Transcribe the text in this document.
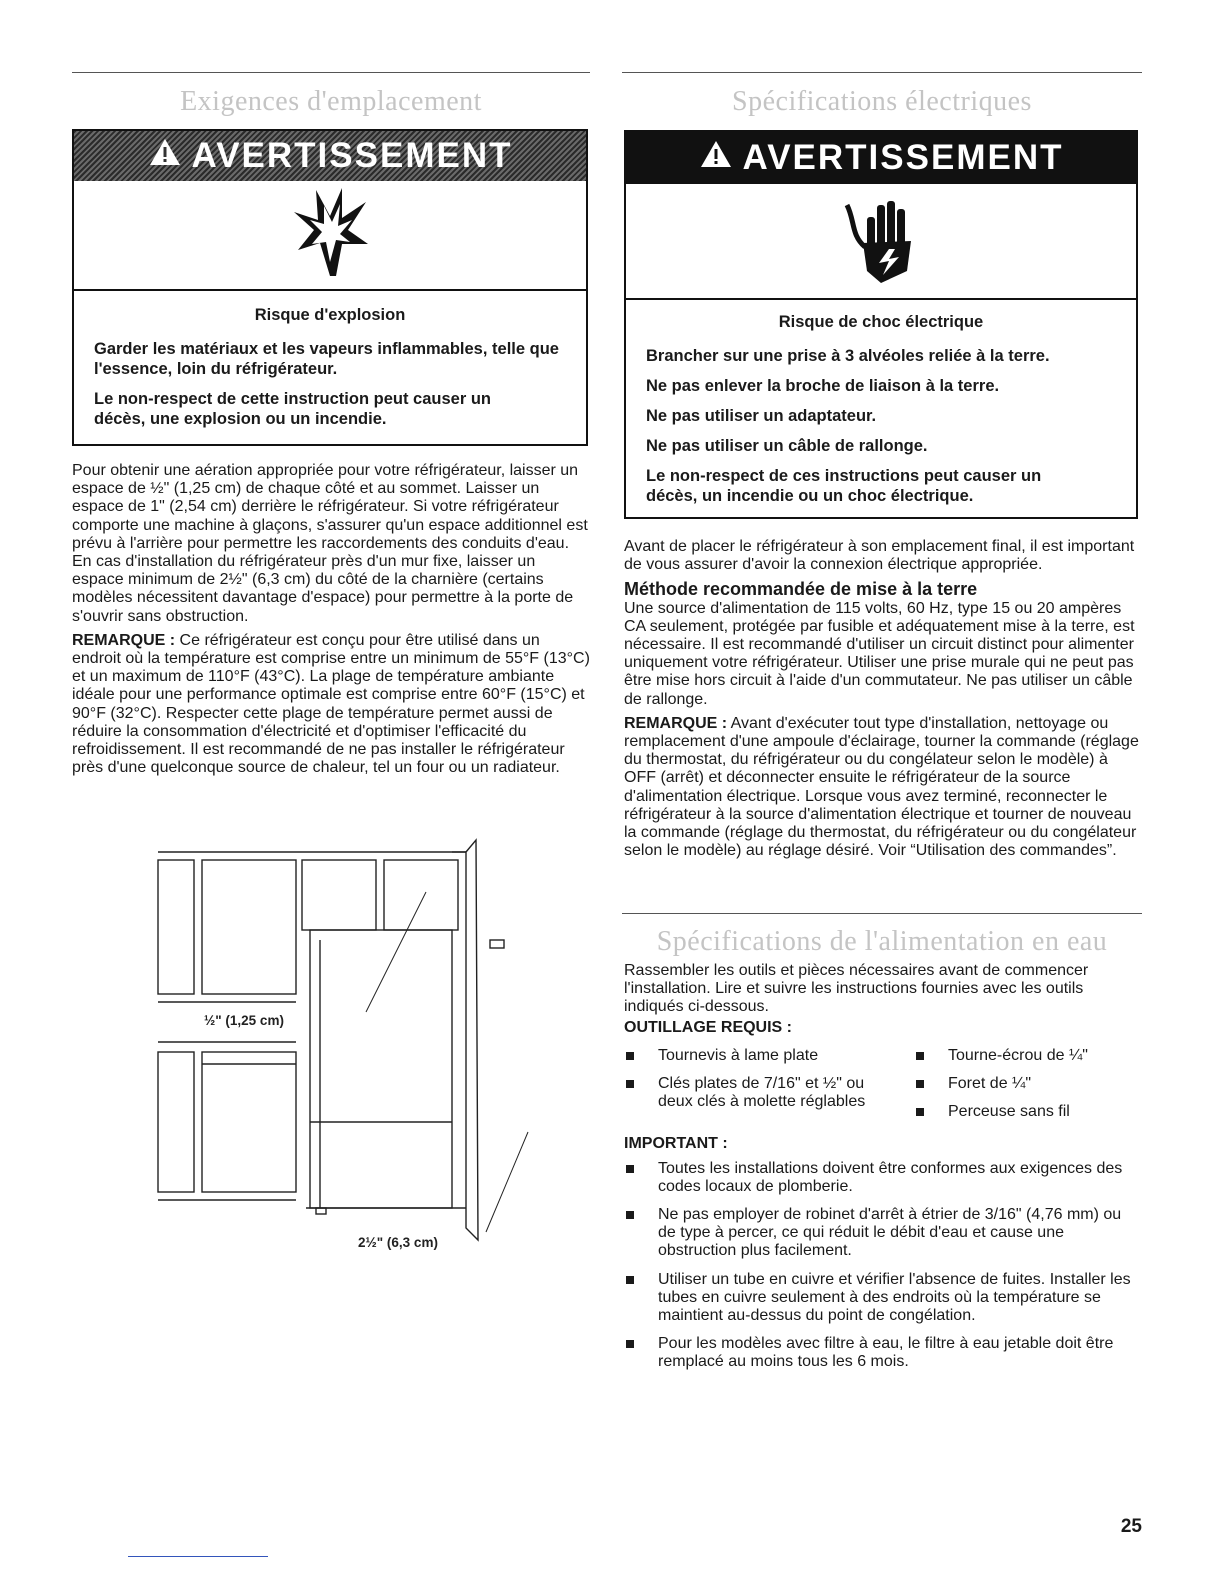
Exigences d'emplacement
AVERTISSEMENT

Risque d'explosion

Garder les matériaux et les vapeurs inflammables, telle que l'essence, loin du réfrigérateur.

Le non-respect de cette instruction peut causer un décès, une explosion ou un incendie.

Pour obtenir une aération appropriée pour votre réfrigérateur, laisser un espace de ½" (1,25 cm) de chaque côté et au sommet. Laisser un espace de 1" (2,54 cm) derrière le réfrigérateur. Si votre réfrigérateur comporte une machine à glaçons, s'assurer qu'un espace additionnel est prévu à l'arrière pour permettre les raccordements des conduits d'eau. En cas d'installation du réfrigérateur près d'un mur fixe, laisser un espace minimum de 2½" (6,3 cm) du côté de la charnière (certains modèles nécessitent davantage d'espace) pour permettre à la porte de s'ouvrir sans obstruction.

REMARQUE : Ce réfrigérateur est conçu pour être utilisé dans un endroit où la température est comprise entre un minimum de 55°F (13°C) et un maximum de 110°F (43°C). La plage de température ambiante idéale pour une performance optimale est comprise entre 60°F (15°C) et 90°F (32°C). Respecter cette plage de température permet aussi de réduire la consommation d'électricité et d'optimiser l'efficacité du refroidissement. Il est recommandé de ne pas installer le réfrigérateur près d'une quelconque source de chaleur, tel un four ou un radiateur.

½" (1,25 cm)
2½" (6,3 cm)
Spécifications électriques
AVERTISSEMENT

Risque de choc électrique

Brancher sur une prise à 3 alvéoles reliée à la terre.

Ne pas enlever la broche de liaison à la terre.

Ne pas utiliser un adaptateur.

Ne pas utiliser un câble de rallonge.

Le non-respect de ces instructions peut causer un décès, un incendie ou un choc électrique.

Avant de placer le réfrigérateur à son emplacement final, il est important de vous assurer d'avoir la connexion électrique appropriée.

Méthode recommandée de mise à la terre

Une source d'alimentation de 115 volts, 60 Hz, type 15 ou 20 ampères CA seulement, protégée par fusible et adéquatement mise à la terre, est nécessaire. Il est recommandé d'utiliser un circuit distinct pour alimenter uniquement votre réfrigérateur. Utiliser une prise murale qui ne peut pas être mise hors circuit à l'aide d'un commutateur. Ne pas utiliser un câble de rallonge.

REMARQUE : Avant d'exécuter tout type d'installation, nettoyage ou remplacement d'une ampoule d'éclairage, tourner la commande (réglage du thermostat, du réfrigérateur ou du congélateur selon le modèle) à OFF (arrêt) et déconnecter ensuite le réfrigérateur de la source d'alimentation électrique. Lorsque vous avez terminé, reconnecter le réfrigérateur à la source d'alimentation électrique et tourner de nouveau la commande (réglage du thermostat, du réfrigérateur ou du congélateur selon le modèle) au réglage désiré. Voir “Utilisation des commandes”.

Spécifications de l'alimentation en eau

Rassembler les outils et pièces nécessaires avant de commencer l'installation. Lire et suivre les instructions fournies avec les outils indiqués ci-dessous.

OUTILLAGE REQUIS :
Tournevis à lame plate
Clés plates de 7/16" et ½" ou deux clés à molette réglables
Tourne-écrou de ¼"
Foret de ¼"
Perceuse sans fil
IMPORTANT :
Toutes les installations doivent être conformes aux exigences des codes locaux de plomberie.
Ne pas employer de robinet d'arrêt à étrier de 3/16" (4,76 mm) ou de type à percer, ce qui réduit le débit d'eau et cause une obstruction plus facilement.
Utiliser un tube en cuivre et vérifier l'absence de fuites. Installer les tubes en cuivre seulement à des endroits où la température se maintient au-dessus du point de congélation.
Pour les modèles avec filtre à eau, le filtre à eau jetable doit être remplacé au moins tous les 6 mois.
25
